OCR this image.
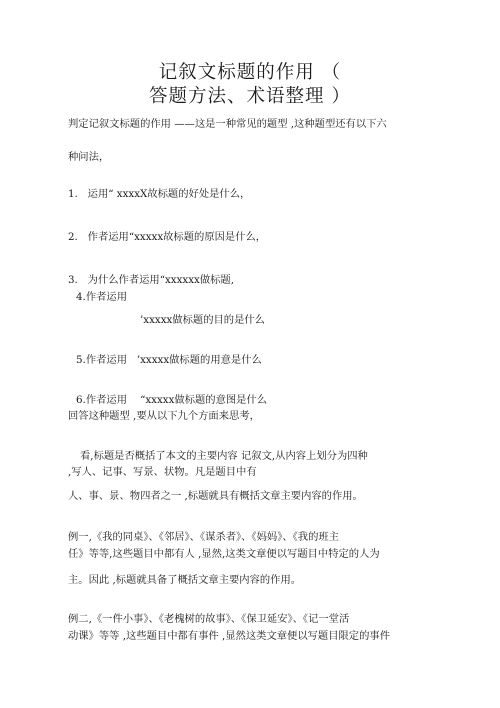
记叙文标题的作用 （
答题方法、术语整理 ）
判定记叙文标题的作用 ——这是一种常见的题型 ,这种题型还有以下六
种问法，
1.   运用“ xxxxX故标题的好处是什么，
2.   作者运用“xxxxx故标题的原因是什么，
3.   为什么作者运用“xxxxxx做标题,
4.作者运用
’xxxxx做标题的目的是什么
5.作者运用   ’xxxxx做标题的用意是什么
6.作者运用    “xxxxx做标题的意图是什么
回答这种题型 ,要从以下九个方面来思考，
看,标题是否概括了本文的主要内容 记叙文,从内容上划分为四种
,写人、记事、写景、状物。凡是题目中有
人、事、景、物四者之一 ,标题就具有概括文章主要内容的作用。
例一,《我的同桌》、《邻居》、《谋杀者》、《妈妈》、《我的班主
任》等等,这些题目中都有人 ,显然,这类文章便以写题目中特定的人为
主。因此 ,标题就具备了概括文章主要内容的作用。
例二,《一件小事》、《老槐树的故事》、《保卫延安》、《记一堂活
动课》等等 ,这些题目中都有事件 ,显然这类文章便以写题目限定的事件
